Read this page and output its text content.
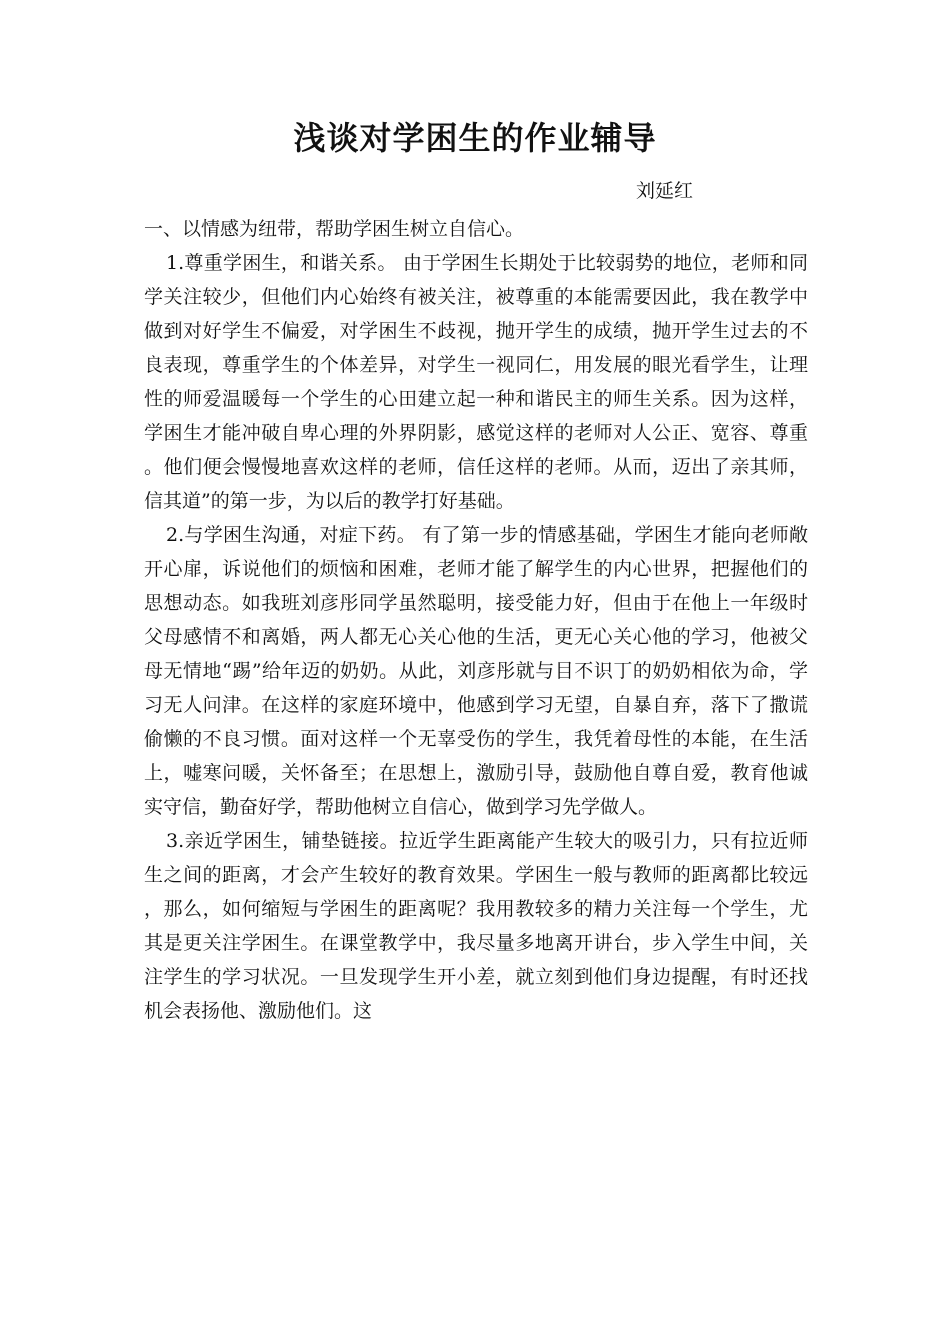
浅谈对学困生的作业辅导
刘延红

一、以情感为纽带，帮助学困生树立自信心。

1.尊重学困生，和谐关系。 由于学困生长期处于比较弱势的地位，老师和同学关注较少，但他们内心始终有被关注，被尊重的本能需要因此，我在教学中做到对好学生不偏爱，对学困生不歧视，抛开学生的成绩，抛开学生过去的不良表现，尊重学生的个体差异，对学生一视同仁，用发展的眼光看学生，让理性的师爱温暖每一个学生的心田建立起一种和谐民主的师生关系。因为这样，学困生才能冲破自卑心理的外界阴影，感觉这样的老师对人公正、宽容、尊重。他们便会慢慢地喜欢这样的老师，信任这样的老师。从而，迈出了亲其师，信其道”的第一步，为以后的教学打好基础。

2.与学困生沟通，对症下药。 有了第一步的情感基础，学困生才能向老师敞开心扉，诉说他们的烦恼和困难，老师才能了解学生的内心世界，把握他们的思想动态。如我班刘彦彤同学虽然聪明，接受能力好，但由于在他上一年级时父母感情不和离婚，两人都无心关心他的生活，更无心关心他的学习，他被父母无情地“踢”给年迈的奶奶。从此，刘彦彤就与目不识丁的奶奶相依为命，学习无人问津。在这样的家庭环境中，他感到学习无望，自暴自弃，落下了撒谎偷懒的不良习惯。面对这样一个无辜受伤的学生，我凭着母性的本能，在生活上，嘘寒问暖，关怀备至；在思想上，激励引导，鼓励他自尊自爱，教育他诚实守信，勤奋好学，帮助他树立自信心，做到学习先学做人。

3.亲近学困生，铺垫链接。拉近学生距离能产生较大的吸引力，只有拉近师生之间的距离，才会产生较好的教育效果。学困生一般与教师的距离都比较远，那么，如何缩短与学困生的距离呢？我用教较多的精力关注每一个学生，尤其是更关注学困生。在课堂教学中，我尽量多地离开讲台，步入学生中间，关注学生的学习状况。一旦发现学生开小差，就立刻到他们身边提醒，有时还找机会表扬他、激励他们。这
